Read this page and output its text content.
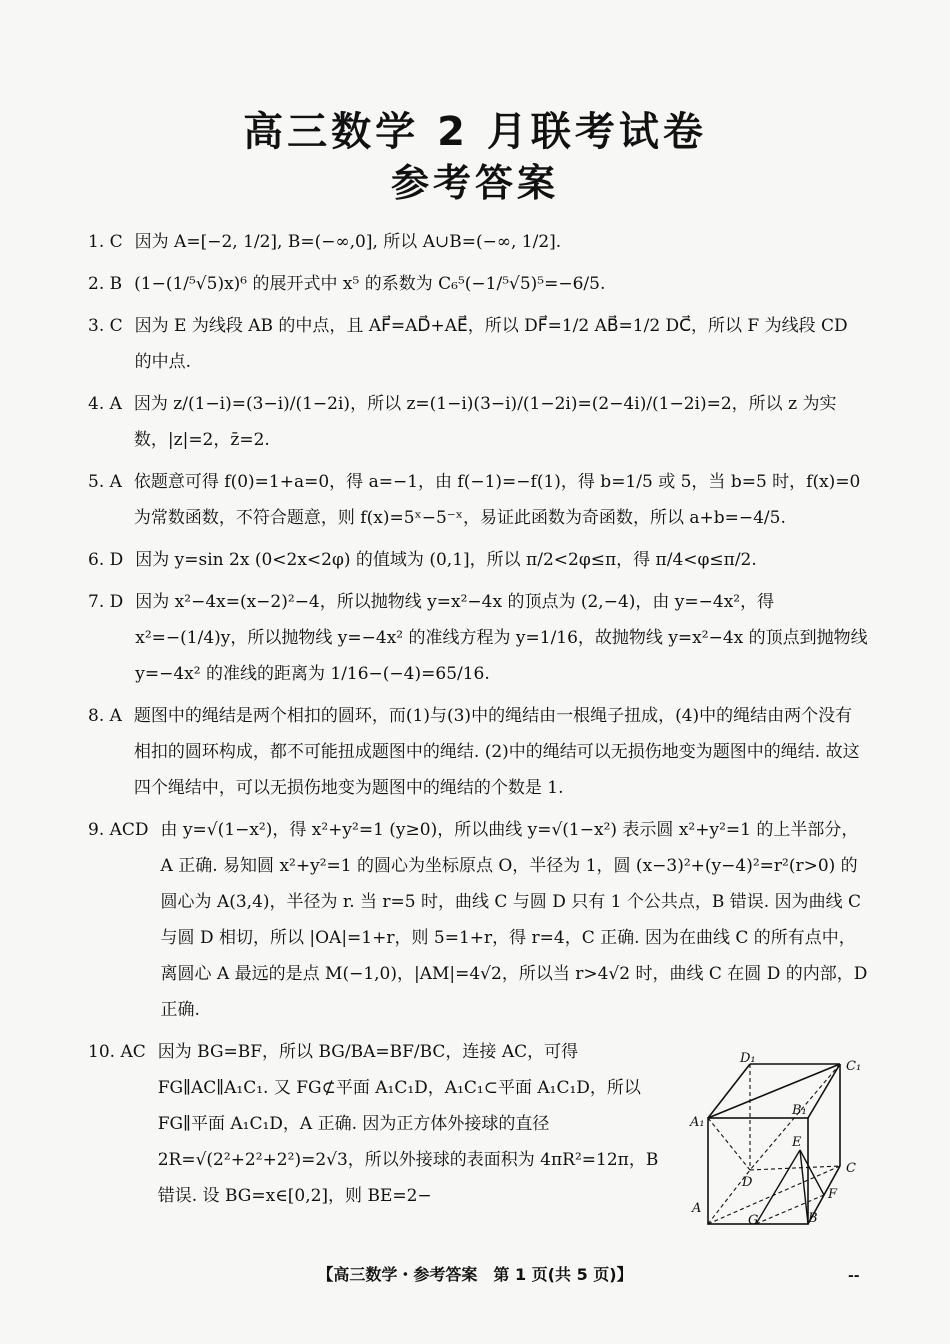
高三数学 2 月联考试卷
参考答案
1. C 因为 A=[−2, 1/2], B=(−∞,0], 所以 A∪B=(−∞, 1/2].
2. B (1−(1/⁵√5)x)⁶ 的展开式中 x⁵ 的系数为 C₆⁵(−1/⁵√5)⁵=−6/5.
3. C 因为 E 为线段 AB 的中点，且 AF⃗=AD⃗+AE⃗，所以 DF⃗=1/2 AB⃗=1/2 DC⃗，所以 F 为线段 CD 的中点.
4. A 因为 z/(1−i)=(3−i)/(1−2i)，所以 z=(1−i)(3−i)/(1−2i)=(2−4i)/(1−2i)=2，所以 z 为实数，|z|=2，z̄=2.
5. A 依题意可得 f(0)=1+a=0，得 a=−1，由 f(−1)=−f(1)，得 b=1/5 或 5，当 b=5 时，f(x)=0 为常数函数，不符合题意，则 f(x)=5ˣ−5⁻ˣ，易证此函数为奇函数，所以 a+b=−4/5.
6. D 因为 y=sin 2x (0<2x<2φ) 的值域为 (0,1]，所以 π/2<2φ≤π，得 π/4<φ≤π/2.
7. D 因为 x²−4x=(x−2)²−4，所以抛物线 y=x²−4x 的顶点为 (2,−4)，由 y=−4x²，得 x²=−(1/4)y，所以抛物线 y=−4x² 的准线方程为 y=1/16，故抛物线 y=x²−4x 的顶点到抛物线 y=−4x² 的准线的距离为 1/16−(−4)=65/16.
8. A 题图中的绳结是两个相扣的圆环，而(1)与(3)中的绳结由一根绳子扭成，(4)中的绳结由两个没有相扣的圆环构成，都不可能扭成题图中的绳结. (2)中的绳结可以无损伤地变为题图中的绳结. 故这四个绳结中，可以无损伤地变为题图中的绳结的个数是 1.
9. ACD 由 y=√(1−x²)，得 x²+y²=1 (y≥0)，所以曲线 y=√(1−x²) 表示圆 x²+y²=1 的上半部分，A 正确. 易知圆 x²+y²=1 的圆心为坐标原点 O，半径为 1，圆 (x−3)²+(y−4)²=r²(r>0) 的圆心为 A(3,4)，半径为 r. 当 r=5 时，曲线 C 与圆 D 只有 1 个公共点，B 错误. 因为曲线 C 与圆 D 相切，所以 |OA|=1+r，则 5=1+r，得 r=4，C 正确. 因为在曲线 C 的所有点中，离圆心 A 最远的是点 M(−1,0)，|AM|=4√2，所以当 r>4√2 时，曲线 C 在圆 D 的内部，D 正确.
10. AC 因为 BG=BF，所以 BG/BA=BF/BC，连接 AC，可得 FG∥AC∥A₁C₁. 又 FG⊄平面 A₁C₁D，A₁C₁⊂平面 A₁C₁D，所以 FG∥平面 A₁C₁D，A 正确. 因为正方体外接球的直径 2R=√(2²+2²+2²)=2√3，所以外接球的表面积为 4πR²=12π，B 错误. 设 BG=x∈[0,2]，则 BE=2−
D₁
C₁
A₁
B₁
E
D
C
F
A
G	B
【高三数学・参考答案　第 1 页(共 5 页)】	--
